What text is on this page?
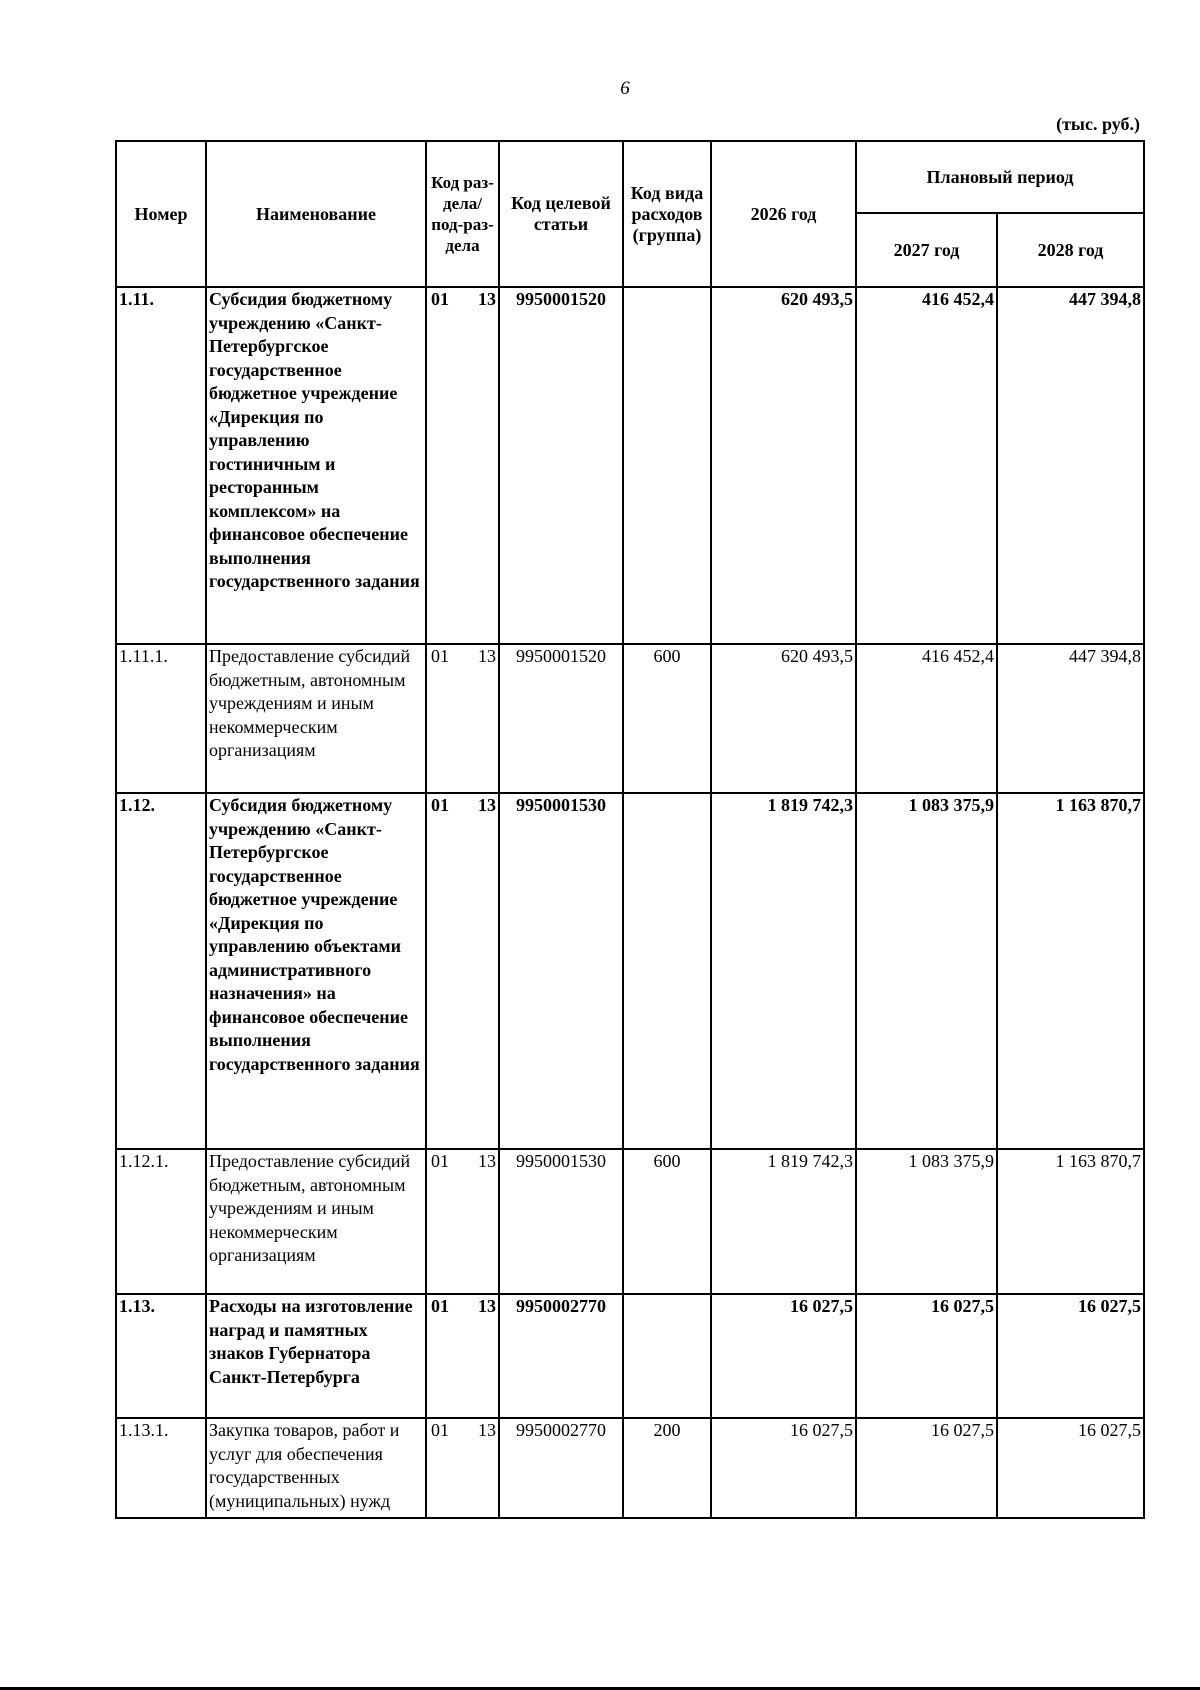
6
(тыс. руб.)
Номер	Наименование	Код раз-дела/ под-раз-дела	Код целевой статьи	Код вида расходов (группа)	2026 год	Плановый период	
						2027 год	2028 год
1.11.	Субсидия бюджетному учреждению «Санкт-Петербургское государственное бюджетное учреждение «Дирекция по управлению гостиничным и ресторанным комплексом» на финансовое обеспечение выполнения государственного задания	01 13	9950001520		620 493,5	416 452,4	447 394,8
1.11.1.	Предоставление субсидий бюджетным, автономным учреждениям и иным некоммерческим организациям	01 13	9950001520	600	620 493,5	416 452,4	447 394,8
1.12.	Субсидия бюджетному учреждению «Санкт-Петербургское государственное бюджетное учреждение «Дирекция по управлению объектами административного назначения» на финансовое обеспечение выполнения государственного задания	01 13	9950001530		1 819 742,3	1 083 375,9	1 163 870,7
1.12.1.	Предоставление субсидий бюджетным, автономным учреждениям и иным некоммерческим организациям	01 13	9950001530	600	1 819 742,3	1 083 375,9	1 163 870,7
1.13.	Расходы на изготовление наград и памятных знаков Губернатора Санкт-Петербурга	01 13	9950002770		16 027,5	16 027,5	16 027,5
1.13.1.	Закупка товаров, работ и услуг для обеспечения государственных (муниципальных) нужд	01 13	9950002770	200	16 027,5	16 027,5	16 027,5
